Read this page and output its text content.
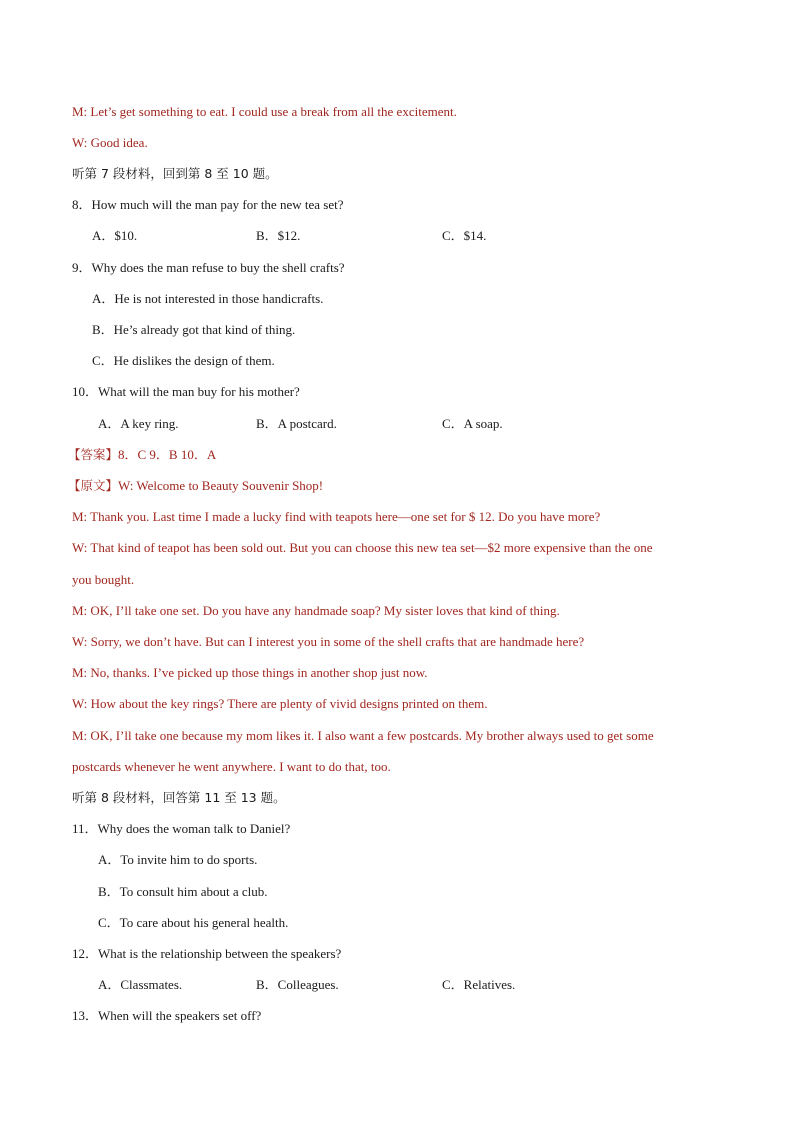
M: Let’s get something to eat. I could use a break from all the excitement.
W: Good idea.
听第 7 段材料，回到第 8 至 10 题。
8．How much will the man pay for the new tea set?
A．$10.	B．$12.	C．$14.
9．Why does the man refuse to buy the shell crafts?
A．He is not interested in those handicrafts.
B．He’s already got that kind of thing.
C．He dislikes the design of them.
10．What will the man buy for his mother?
A．A key ring.	B．A postcard.	C．A soap.
【答案】8．C 9．B 10．A
【原文】W: Welcome to Beauty Souvenir Shop!
M: Thank you. Last time I made a lucky find with teapots here—one set for $ 12. Do you have more?
W: That kind of teapot has been sold out. But you can choose this new tea set—$2 more expensive than the one
you bought.
M: OK, I’ll take one set. Do you have any handmade soap? My sister loves that kind of thing.
W: Sorry, we don’t have. But can I interest you in some of the shell crafts that are handmade here?
M: No, thanks. I’ve picked up those things in another shop just now.
W: How about the key rings? There are plenty of vivid designs printed on them.
M: OK, I’ll take one because my mom likes it. I also want a few postcards. My brother always used to get some
postcards whenever he went anywhere. I want to do that, too.
听第 8 段材料，回答第 11 至 13 题。
11．Why does the woman talk to Daniel?
A．To invite him to do sports.
B．To consult him about a club.
C．To care about his general health.
12．What is the relationship between the speakers?
A．Classmates.	B．Colleagues.	C．Relatives.
13．When will the speakers set off?
